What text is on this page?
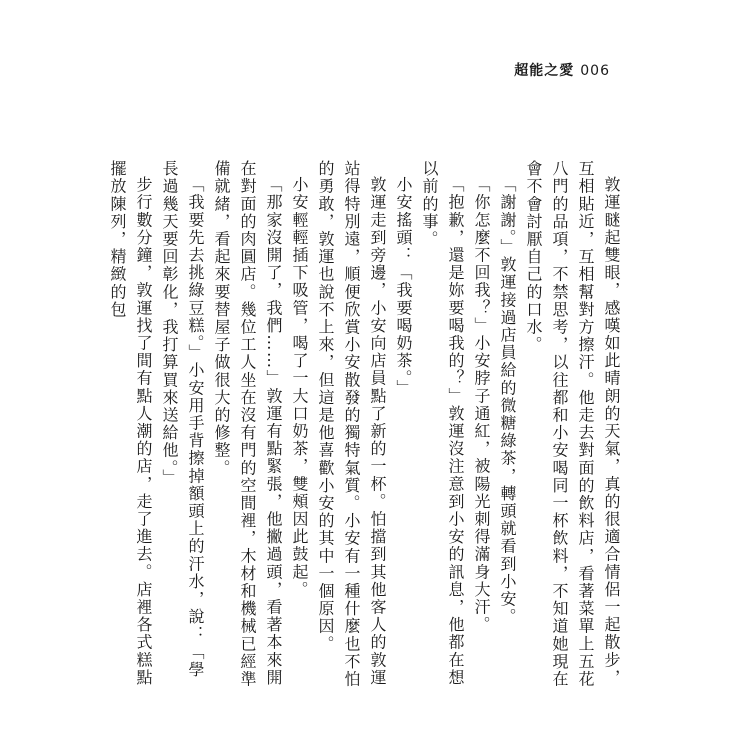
超能之愛 006

敦運瞇起雙眼，感嘆如此晴朗的天氣，真的很適合情侶一起散步，互相貼近，互相幫對方擦汗。他走去對面的飲料店，看著菜單上五花八門的品項，不禁思考，以往都和小安喝同一杯飲料，不知道她現在會不會討厭自己的口水。

「謝謝。」敦運接過店員給的微糖綠茶，轉頭就看到小安。

「你怎麼不回我？」小安脖子通紅，被陽光刺得滿身大汗。

「抱歉，還是妳要喝我的？」敦運沒注意到小安的訊息，他都在想以前的事。

小安搖頭：「我要喝奶茶。」

敦運走到旁邊，小安向店員點了新的一杯。怕擋到其他客人的敦運站得特別遠，順便欣賞小安散發的獨特氣質。小安有一種什麼也不怕的勇敢，敦運也說不上來，但這是他喜歡小安的其中一個原因。

小安輕輕插下吸管，喝了一大口奶茶，雙頰因此鼓起。

「那家沒開了，我們……」敦運有點緊張，他撇過頭，看著本來開在對面的肉圓店。幾位工人坐在沒有門的空間裡，木材和機械已經準備就緒，看起來要替屋子做很大的修整。

「我要先去挑綠豆糕。」小安用手背擦掉額頭上的汗水，說：「學長過幾天要回彰化，我打算買來送給他。」

步行數分鐘，敦運找了間有點人潮的店，走了進去。店裡各式糕點擺放陳列，精緻的包
